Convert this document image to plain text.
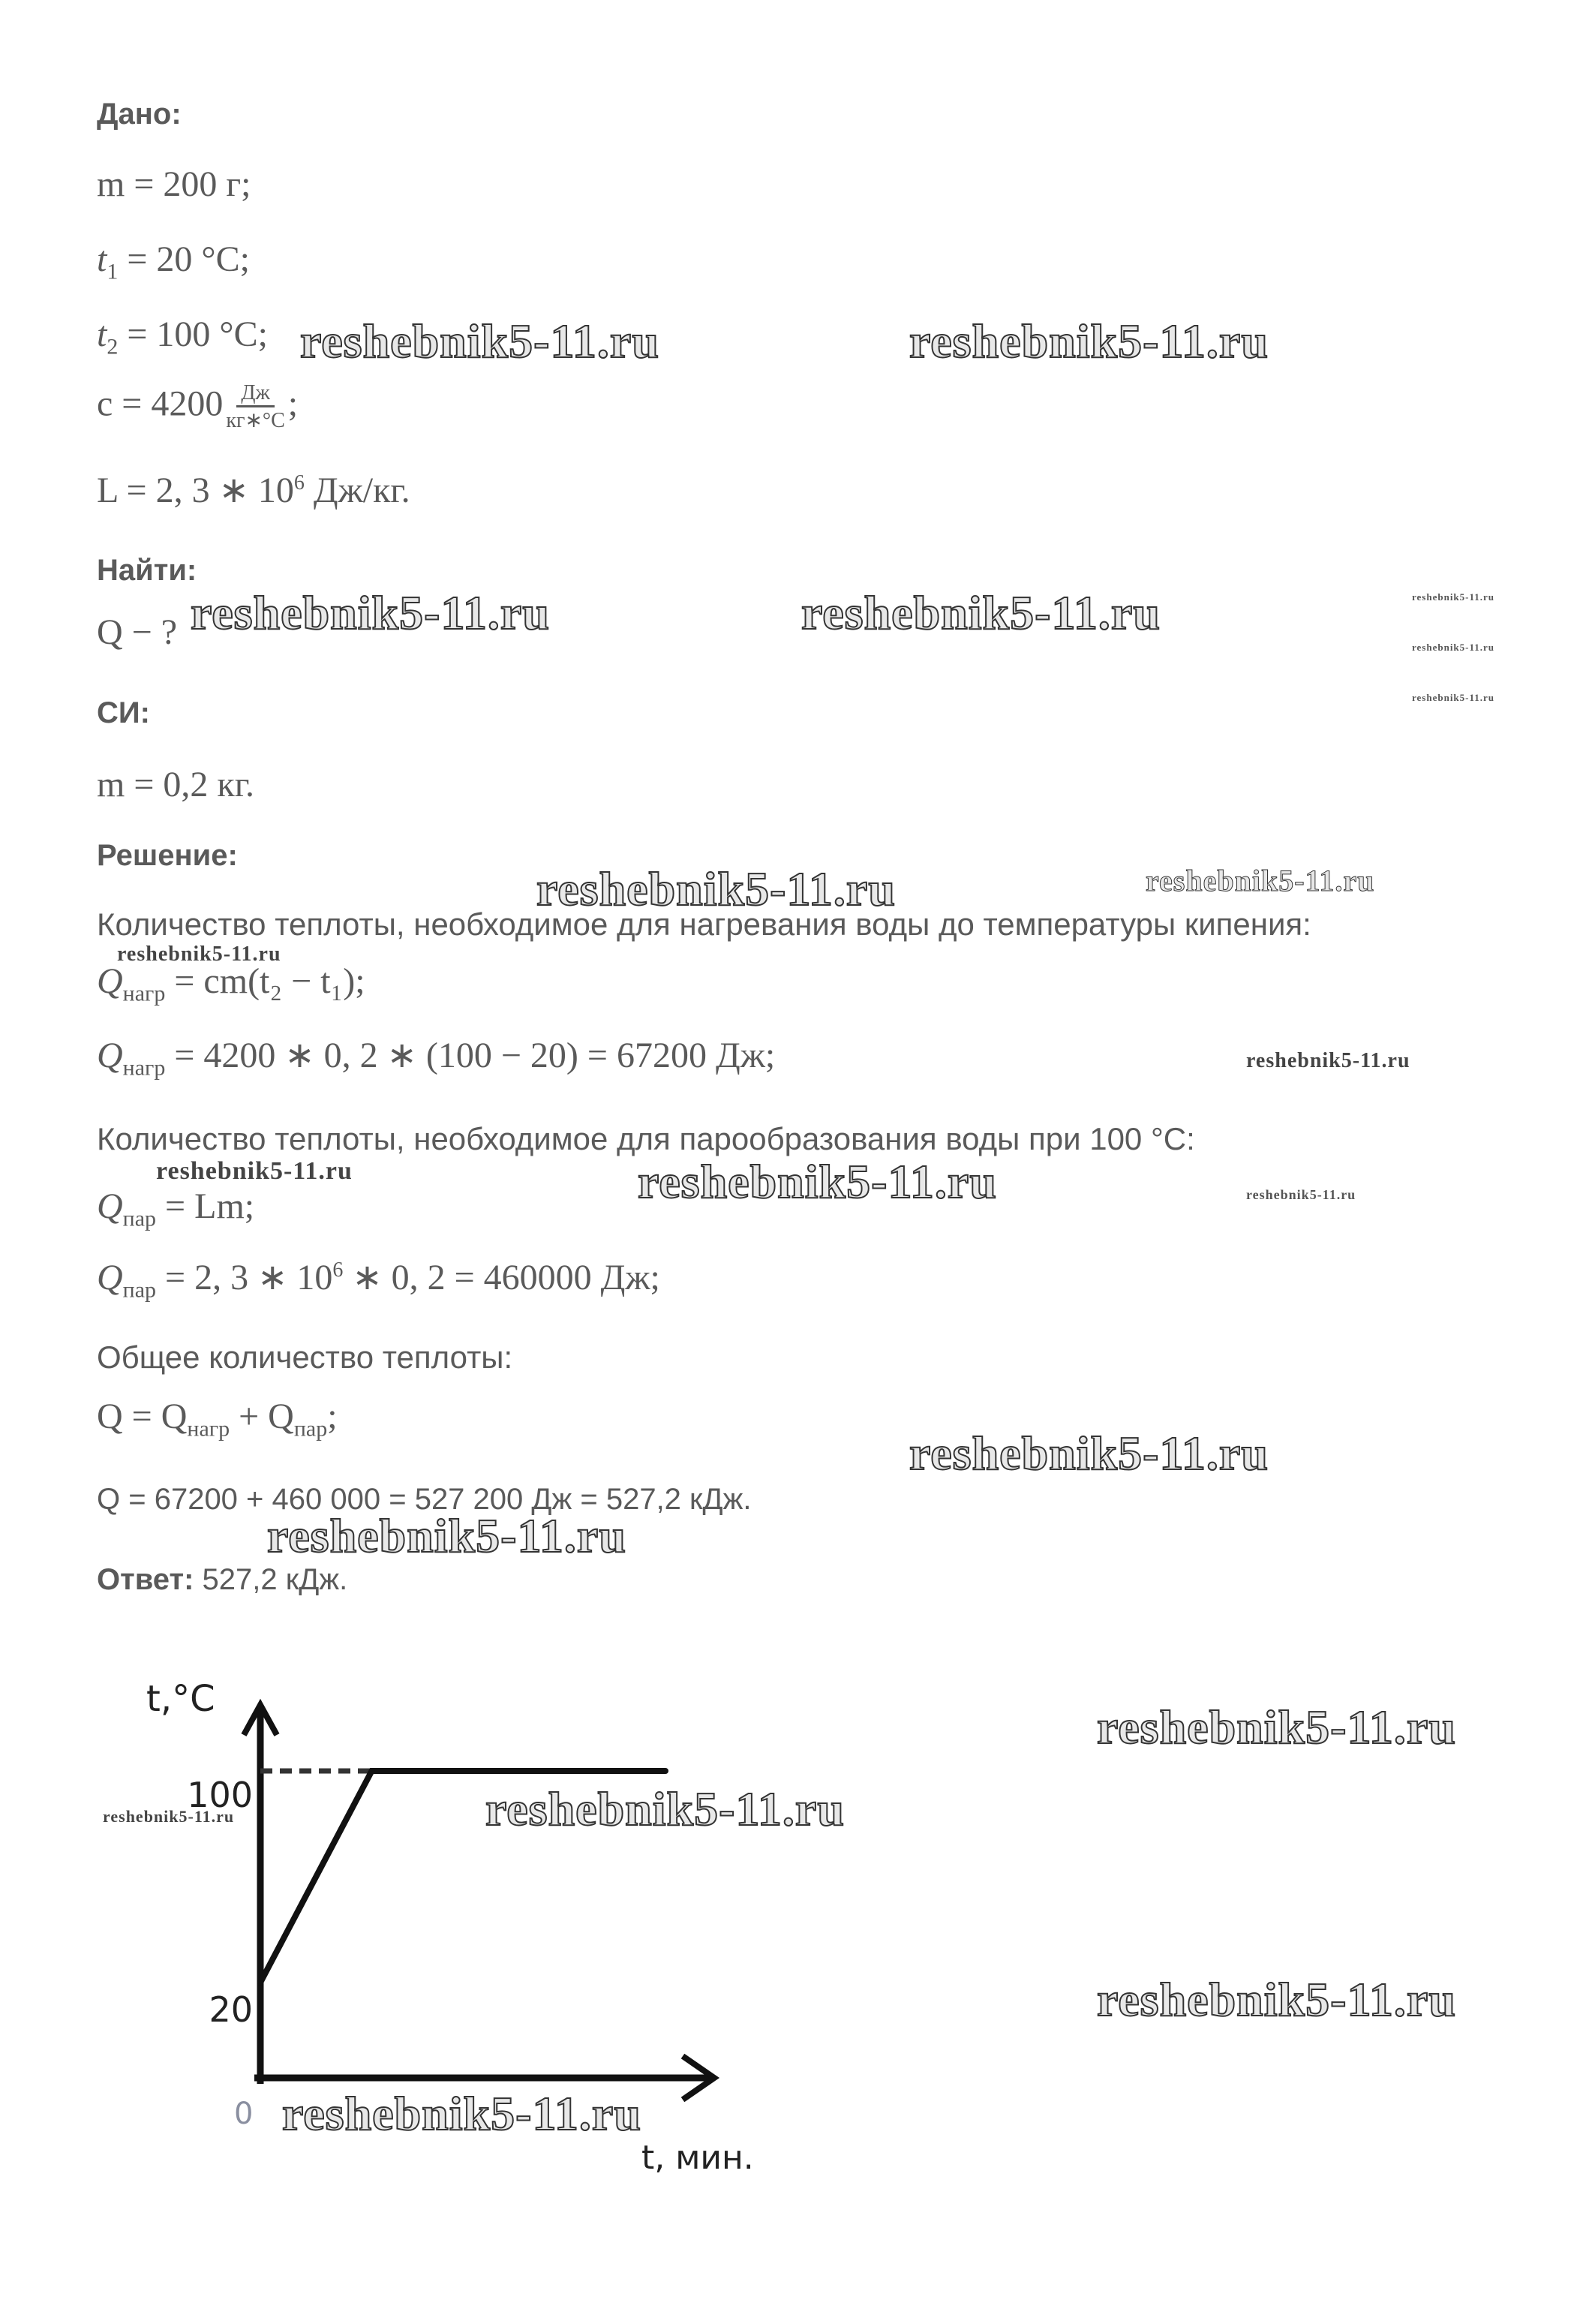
Дано:
m = 200 г;
$t_1 = 20$ °С;
$t_2 = 100$ °С;
$c = 4200 \frac{Дж}{кг∗^\circ С}$ ;
L = 2, 3 ∗ $10^6$ Дж/кг.
Найти:
Q − ?
СИ:
m = 0,2 кг.
Решение:
Количество теплоты, необходимое для нагревания воды до температуры кипения:
$Q_{нагр} = cm(t_2 - t_1)$;
$Q_{нагр} = 4200$ ∗ 0, 2 ∗ (100 − 20) = 67200 Дж;
Количество теплоты, необходимое для парообразования воды при 100 °С:
$Q_{пар} = Lm$;
$Q_{пар} = 2$, 3 ∗ $10^6$ ∗ 0, 2 = 460000 Дж;
Общее количество теплоты:
$Q = Q_{нагр} + Q_{пар}$;
Q = 67200 + 460 000 = 527 200 Дж = 527,2 кДж.
Ответ: 527,2 кДж.
20
100
t,°C
t, мин.
0
reshebnik5-11.ru	reshebnik5-11.ru
reshebnik5-11.ru	reshebnik5-11.ru	reshebnik5-11.ru
reshebnik5-11.ru
reshebnik5-11.ru
reshebnik5-11.ru	reshebnik5-11.ru
reshebnik5-11.ru
reshebnik5-11.ru
reshebnik5-11.ru	reshebnik5-11.ru	reshebnik5-11.ru
reshebnik5-11.ru
reshebnik5-11.ru
reshebnik5-11.ru
reshebnik5-11.ru	reshebnik5-11.ru
reshebnik5-11.ru
reshebnik5-11.ru
